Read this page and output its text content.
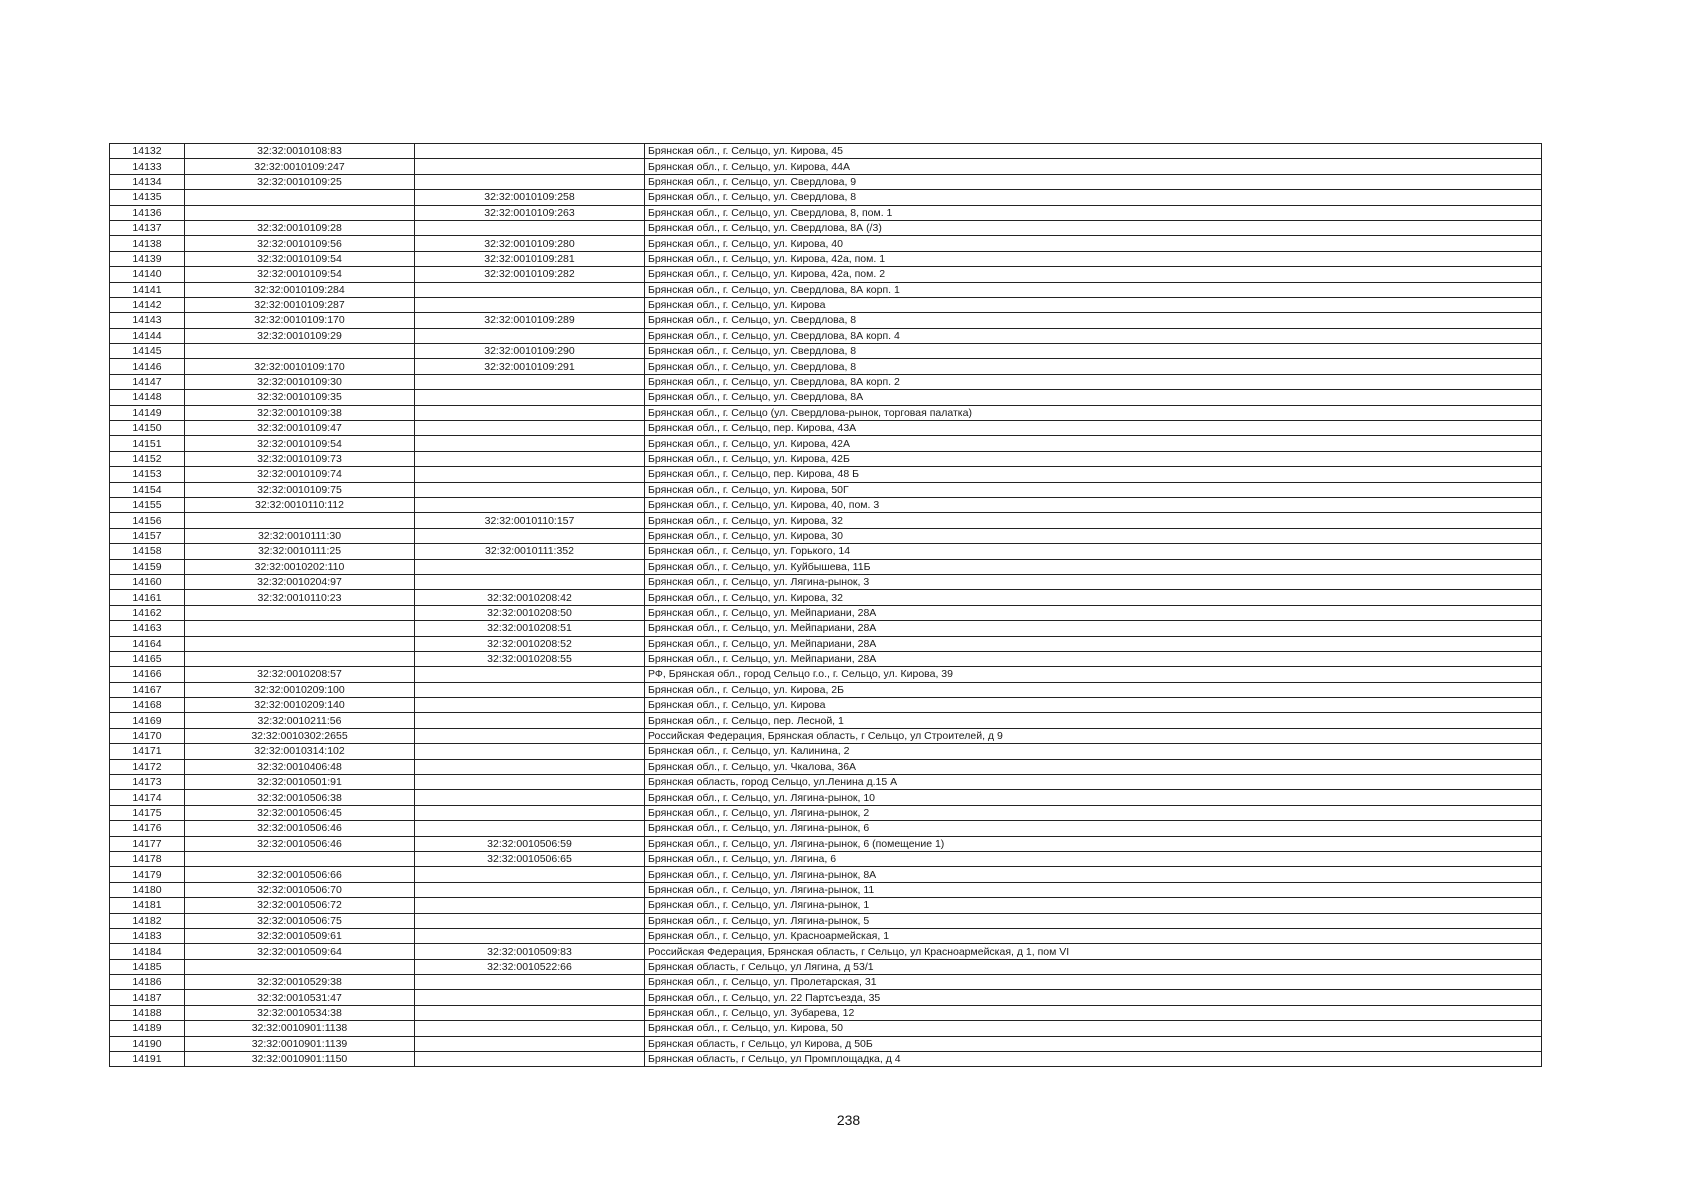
14132	32:32:0010108:83		Брянская обл., г. Сельцо, ул. Кирова, 45
14133	32:32:0010109:247		Брянская обл., г. Сельцо, ул. Кирова, 44А
14134	32:32:0010109:25		Брянская обл., г. Сельцо, ул. Свердлова, 9
14135		32:32:0010109:258	Брянская обл., г. Сельцо, ул. Свердлова, 8
14136		32:32:0010109:263	Брянская обл., г. Сельцо, ул. Свердлова, 8, пом. 1
14137	32:32:0010109:28		Брянская обл., г. Сельцо, ул. Свердлова, 8А (/3)
14138	32:32:0010109:56	32:32:0010109:280	Брянская обл., г. Сельцо, ул. Кирова, 40
14139	32:32:0010109:54	32:32:0010109:281	Брянская обл., г. Сельцо, ул. Кирова, 42а, пом. 1
14140	32:32:0010109:54	32:32:0010109:282	Брянская обл., г. Сельцо, ул. Кирова, 42а, пом. 2
14141	32:32:0010109:284		Брянская обл., г. Сельцо, ул. Свердлова, 8А корп. 1
14142	32:32:0010109:287		Брянская обл., г. Сельцо, ул. Кирова
14143	32:32:0010109:170	32:32:0010109:289	Брянская обл., г. Сельцо, ул. Свердлова, 8
14144	32:32:0010109:29		Брянская обл., г. Сельцо, ул. Свердлова, 8А корп. 4
14145		32:32:0010109:290	Брянская обл., г. Сельцо, ул. Свердлова, 8
14146	32:32:0010109:170	32:32:0010109:291	Брянская обл., г. Сельцо, ул. Свердлова, 8
14147	32:32:0010109:30		Брянская обл., г. Сельцо, ул. Свердлова, 8А корп. 2
14148	32:32:0010109:35		Брянская обл., г. Сельцо, ул. Свердлова, 8А
14149	32:32:0010109:38		Брянская обл., г. Сельцо (ул. Свердлова-рынок, торговая палатка)
14150	32:32:0010109:47		Брянская обл., г. Сельцо, пер. Кирова, 43А
14151	32:32:0010109:54		Брянская обл., г. Сельцо, ул. Кирова, 42А
14152	32:32:0010109:73		Брянская обл., г. Сельцо, ул. Кирова, 42Б
14153	32:32:0010109:74		Брянская обл., г. Сельцо, пер. Кирова, 48 Б
14154	32:32:0010109:75		Брянская обл., г. Сельцо, ул. Кирова, 50Г
14155	32:32:0010110:112		Брянская обл., г. Сельцо, ул. Кирова, 40, пом. 3
14156		32:32:0010110:157	Брянская обл., г. Сельцо, ул. Кирова, 32
14157	32:32:0010111:30		Брянская обл., г. Сельцо, ул. Кирова, 30
14158	32:32:0010111:25	32:32:0010111:352	Брянская обл., г. Сельцо, ул. Горького, 14
14159	32:32:0010202:110		Брянская обл., г. Сельцо, ул. Куйбышева, 11Б
14160	32:32:0010204:97		Брянская обл., г. Сельцо, ул. Лягина-рынок, 3
14161	32:32:0010110:23	32:32:0010208:42	Брянская обл., г. Сельцо, ул. Кирова, 32
14162		32:32:0010208:50	Брянская обл., г. Сельцо, ул. Мейпариани, 28А
14163		32:32:0010208:51	Брянская обл., г. Сельцо, ул. Мейпариани, 28А
14164		32:32:0010208:52	Брянская обл., г. Сельцо, ул. Мейпариани, 28А
14165		32:32:0010208:55	Брянская обл., г. Сельцо, ул. Мейпариани, 28А
14166	32:32:0010208:57		РФ, Брянская обл., город Сельцо г.о., г. Сельцо, ул. Кирова, 39
14167	32:32:0010209:100		Брянская обл., г. Сельцо, ул. Кирова, 2Б
14168	32:32:0010209:140		Брянская обл., г. Сельцо, ул. Кирова
14169	32:32:0010211:56		Брянская обл., г. Сельцо, пер. Лесной, 1
14170	32:32:0010302:2655		Российская Федерация, Брянская область, г Сельцо, ул Строителей, д 9
14171	32:32:0010314:102		Брянская обл., г. Сельцо, ул. Калинина, 2
14172	32:32:0010406:48		Брянская обл., г. Сельцо, ул. Чкалова, 36А
14173	32:32:0010501:91		Брянская область, город Сельцо, ул.Ленина д.15 А
14174	32:32:0010506:38		Брянская обл., г. Сельцо, ул. Лягина-рынок, 10
14175	32:32:0010506:45		Брянская обл., г. Сельцо, ул. Лягина-рынок, 2
14176	32:32:0010506:46		Брянская обл., г. Сельцо, ул. Лягина-рынок, 6
14177	32:32:0010506:46	32:32:0010506:59	Брянская обл., г. Сельцо, ул. Лягина-рынок, 6 (помещение 1)
14178		32:32:0010506:65	Брянская обл., г. Сельцо, ул. Лягина, 6
14179	32:32:0010506:66		Брянская обл., г. Сельцо, ул. Лягина-рынок, 8А
14180	32:32:0010506:70		Брянская обл., г. Сельцо, ул. Лягина-рынок, 11
14181	32:32:0010506:72		Брянская обл., г. Сельцо, ул. Лягина-рынок, 1
14182	32:32:0010506:75		Брянская обл., г. Сельцо, ул. Лягина-рынок, 5
14183	32:32:0010509:61		Брянская обл., г. Сельцо, ул. Красноармейская, 1
14184	32:32:0010509:64	32:32:0010509:83	Российская Федерация, Брянская область, г Сельцо, ул Красноармейская, д 1, пом VI
14185		32:32:0010522:66	Брянская область, г Сельцо, ул Лягина, д 53/1
14186	32:32:0010529:38		Брянская обл., г. Сельцо, ул. Пролетарская, 31
14187	32:32:0010531:47		Брянская обл., г. Сельцо, ул. 22 Партсъезда, 35
14188	32:32:0010534:38		Брянская обл., г. Сельцо, ул. Зубарева, 12
14189	32:32:0010901:1138		Брянская обл., г. Сельцо, ул. Кирова, 50
14190	32:32:0010901:1139		Брянская область, г Сельцо, ул Кирова, д 50Б
14191	32:32:0010901:1150		Брянская область, г Сельцо, ул Промплощадка, д 4
238
